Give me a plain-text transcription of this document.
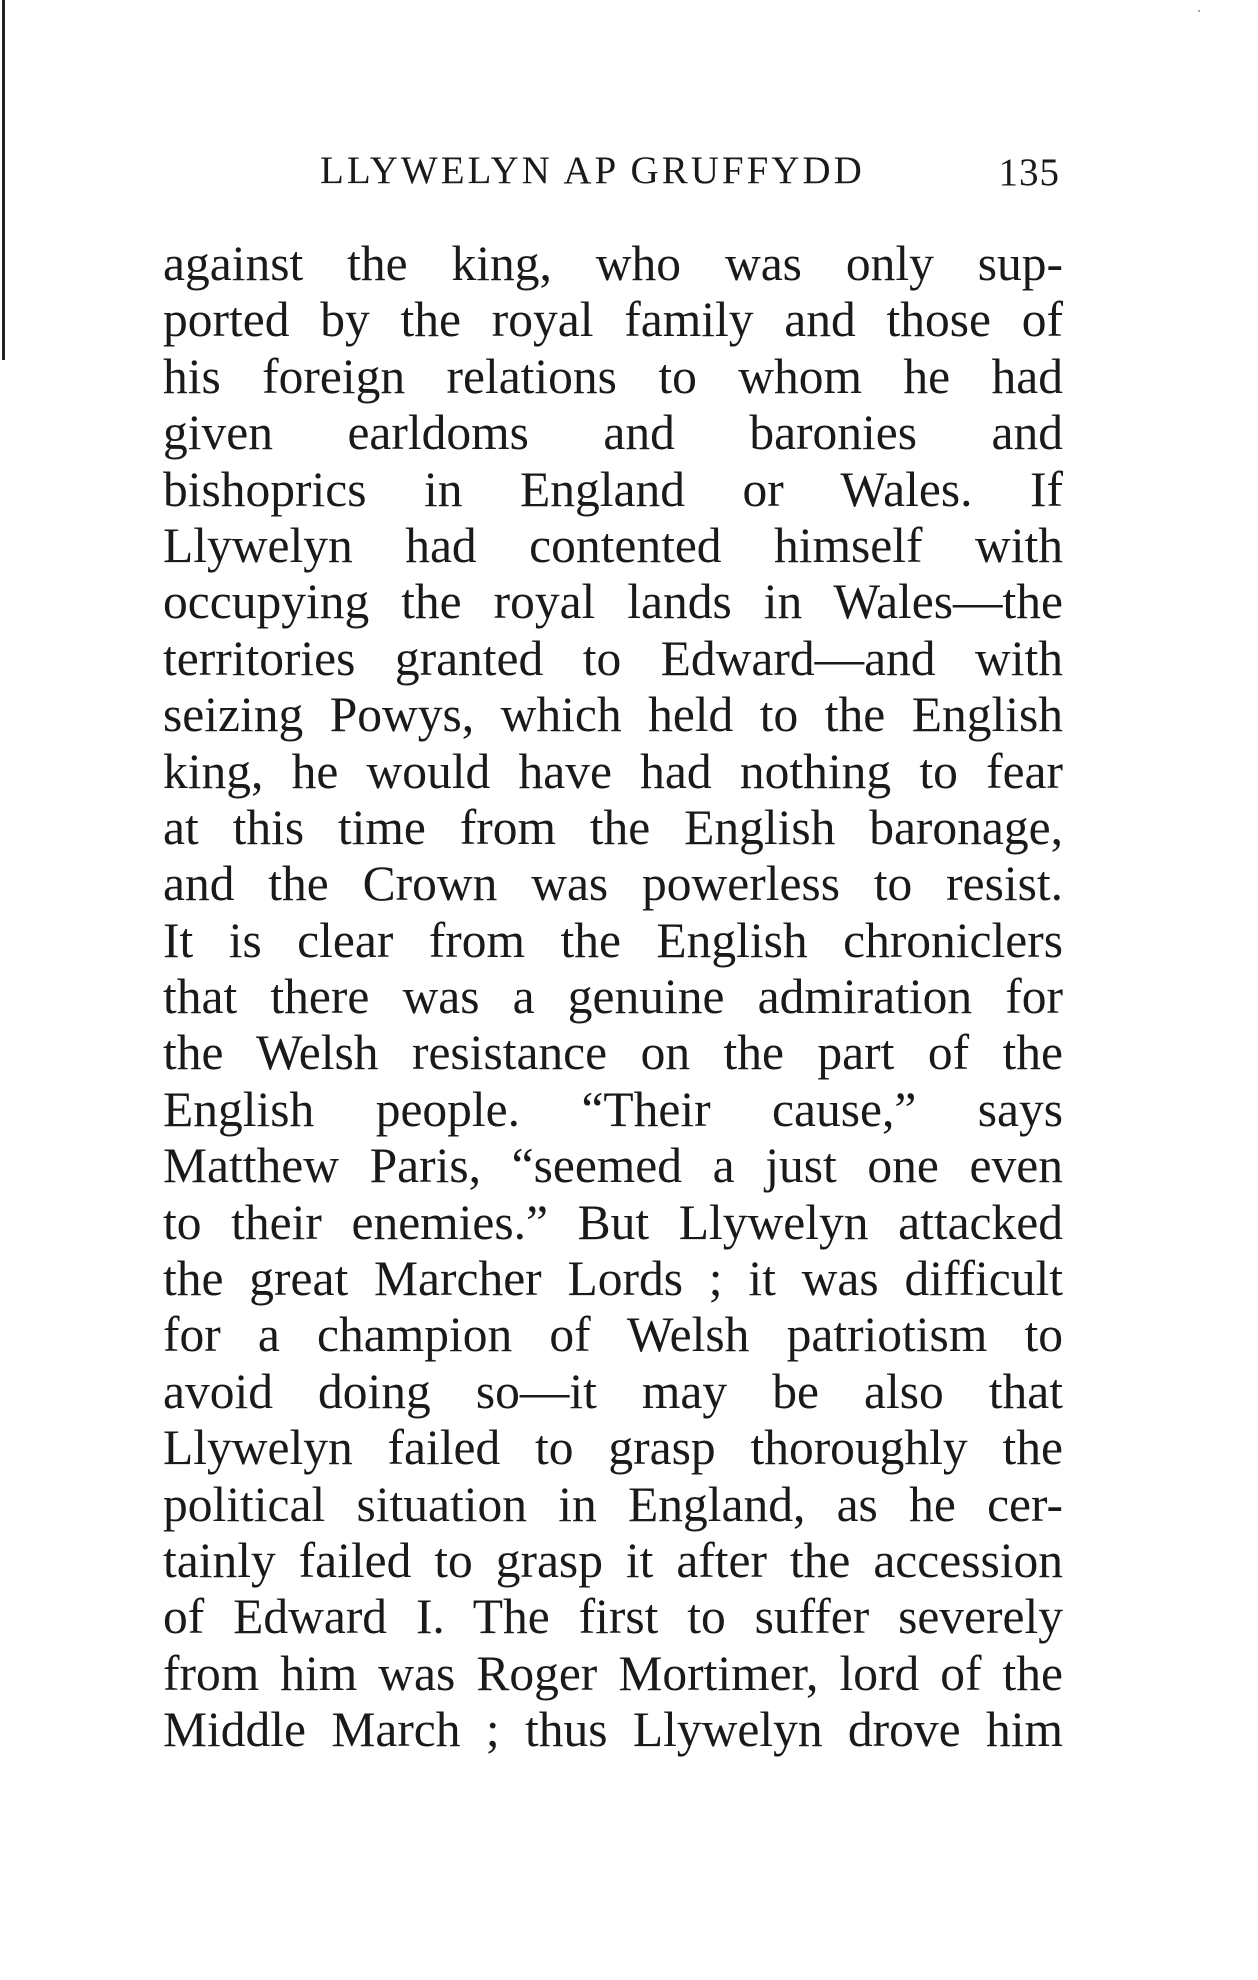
LLYWELYN AP GRUFFYDD	135
against the king, who was only sup-
ported by the royal family and those of
his foreign relations to whom he had
given earldoms and baronies and
bishoprics in England or Wales. If
Llywelyn had contented himself with
occupying the royal lands in Wales—the
territories granted to Edward—and with
seizing Powys, which held to the English
king, he would have had nothing to fear
at this time from the English baronage,
and the Crown was powerless to resist.
It is clear from the English chroniclers
that there was a genuine admiration for
the Welsh resistance on the part of the
English people. “Their cause,” says
Matthew Paris, “seemed a just one even
to their enemies.” But Llywelyn attacked
the great Marcher Lords ; it was difficult
for a champion of Welsh patriotism to
avoid doing so—it may be also that
Llywelyn failed to grasp thoroughly the
political situation in England, as he cer-
tainly failed to grasp it after the accession
of Edward I. The first to suffer severely
from him was Roger Mortimer, lord of the
Middle March ; thus Llywelyn drove him
